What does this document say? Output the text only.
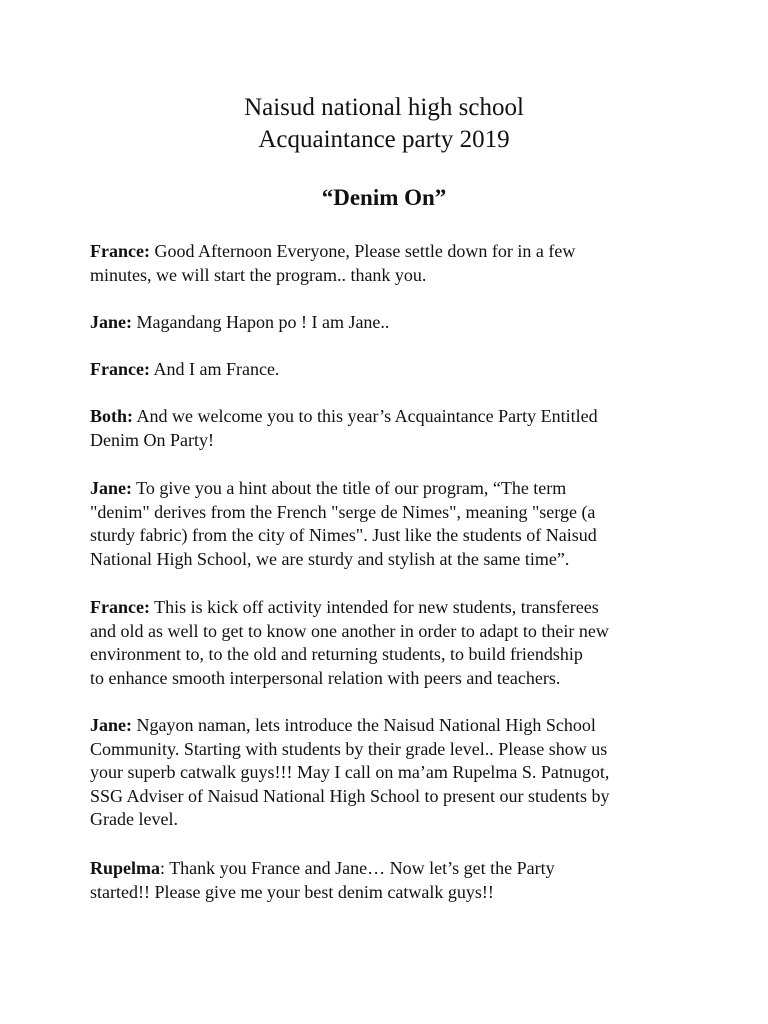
Naisud national high school
Acquaintance party 2019
“Denim On”
France: Good Afternoon Everyone, Please settle down for in a few
minutes, we will start the program.. thank you.
Jane: Magandang Hapon po ! I am Jane..
France: And I am France.
Both: And we welcome you to this year’s Acquaintance Party Entitled
Denim On Party!
Jane: To give you a hint about the title of our program, “The term
"denim" derives from the French "serge de Nimes", meaning "serge (a
sturdy fabric) from the city of Nimes". Just like the students of Naisud
National High School, we are sturdy and stylish at the same time”.
France: This is kick off activity intended for new students, transferees
and old as well to get to know one another in order to adapt to their new
environment to, to the old and returning students, to build friendship
to enhance smooth interpersonal relation with peers and teachers.
Jane: Ngayon naman, lets introduce the Naisud National High School
Community. Starting with students by their grade level.. Please show us
your superb catwalk guys!!! May I call on ma’am Rupelma S. Patnugot,
SSG Adviser of Naisud National High School to present our students by
Grade level.
Rupelma: Thank you France and Jane… Now let’s get the Party
started!! Please give me your best denim catwalk guys!!
